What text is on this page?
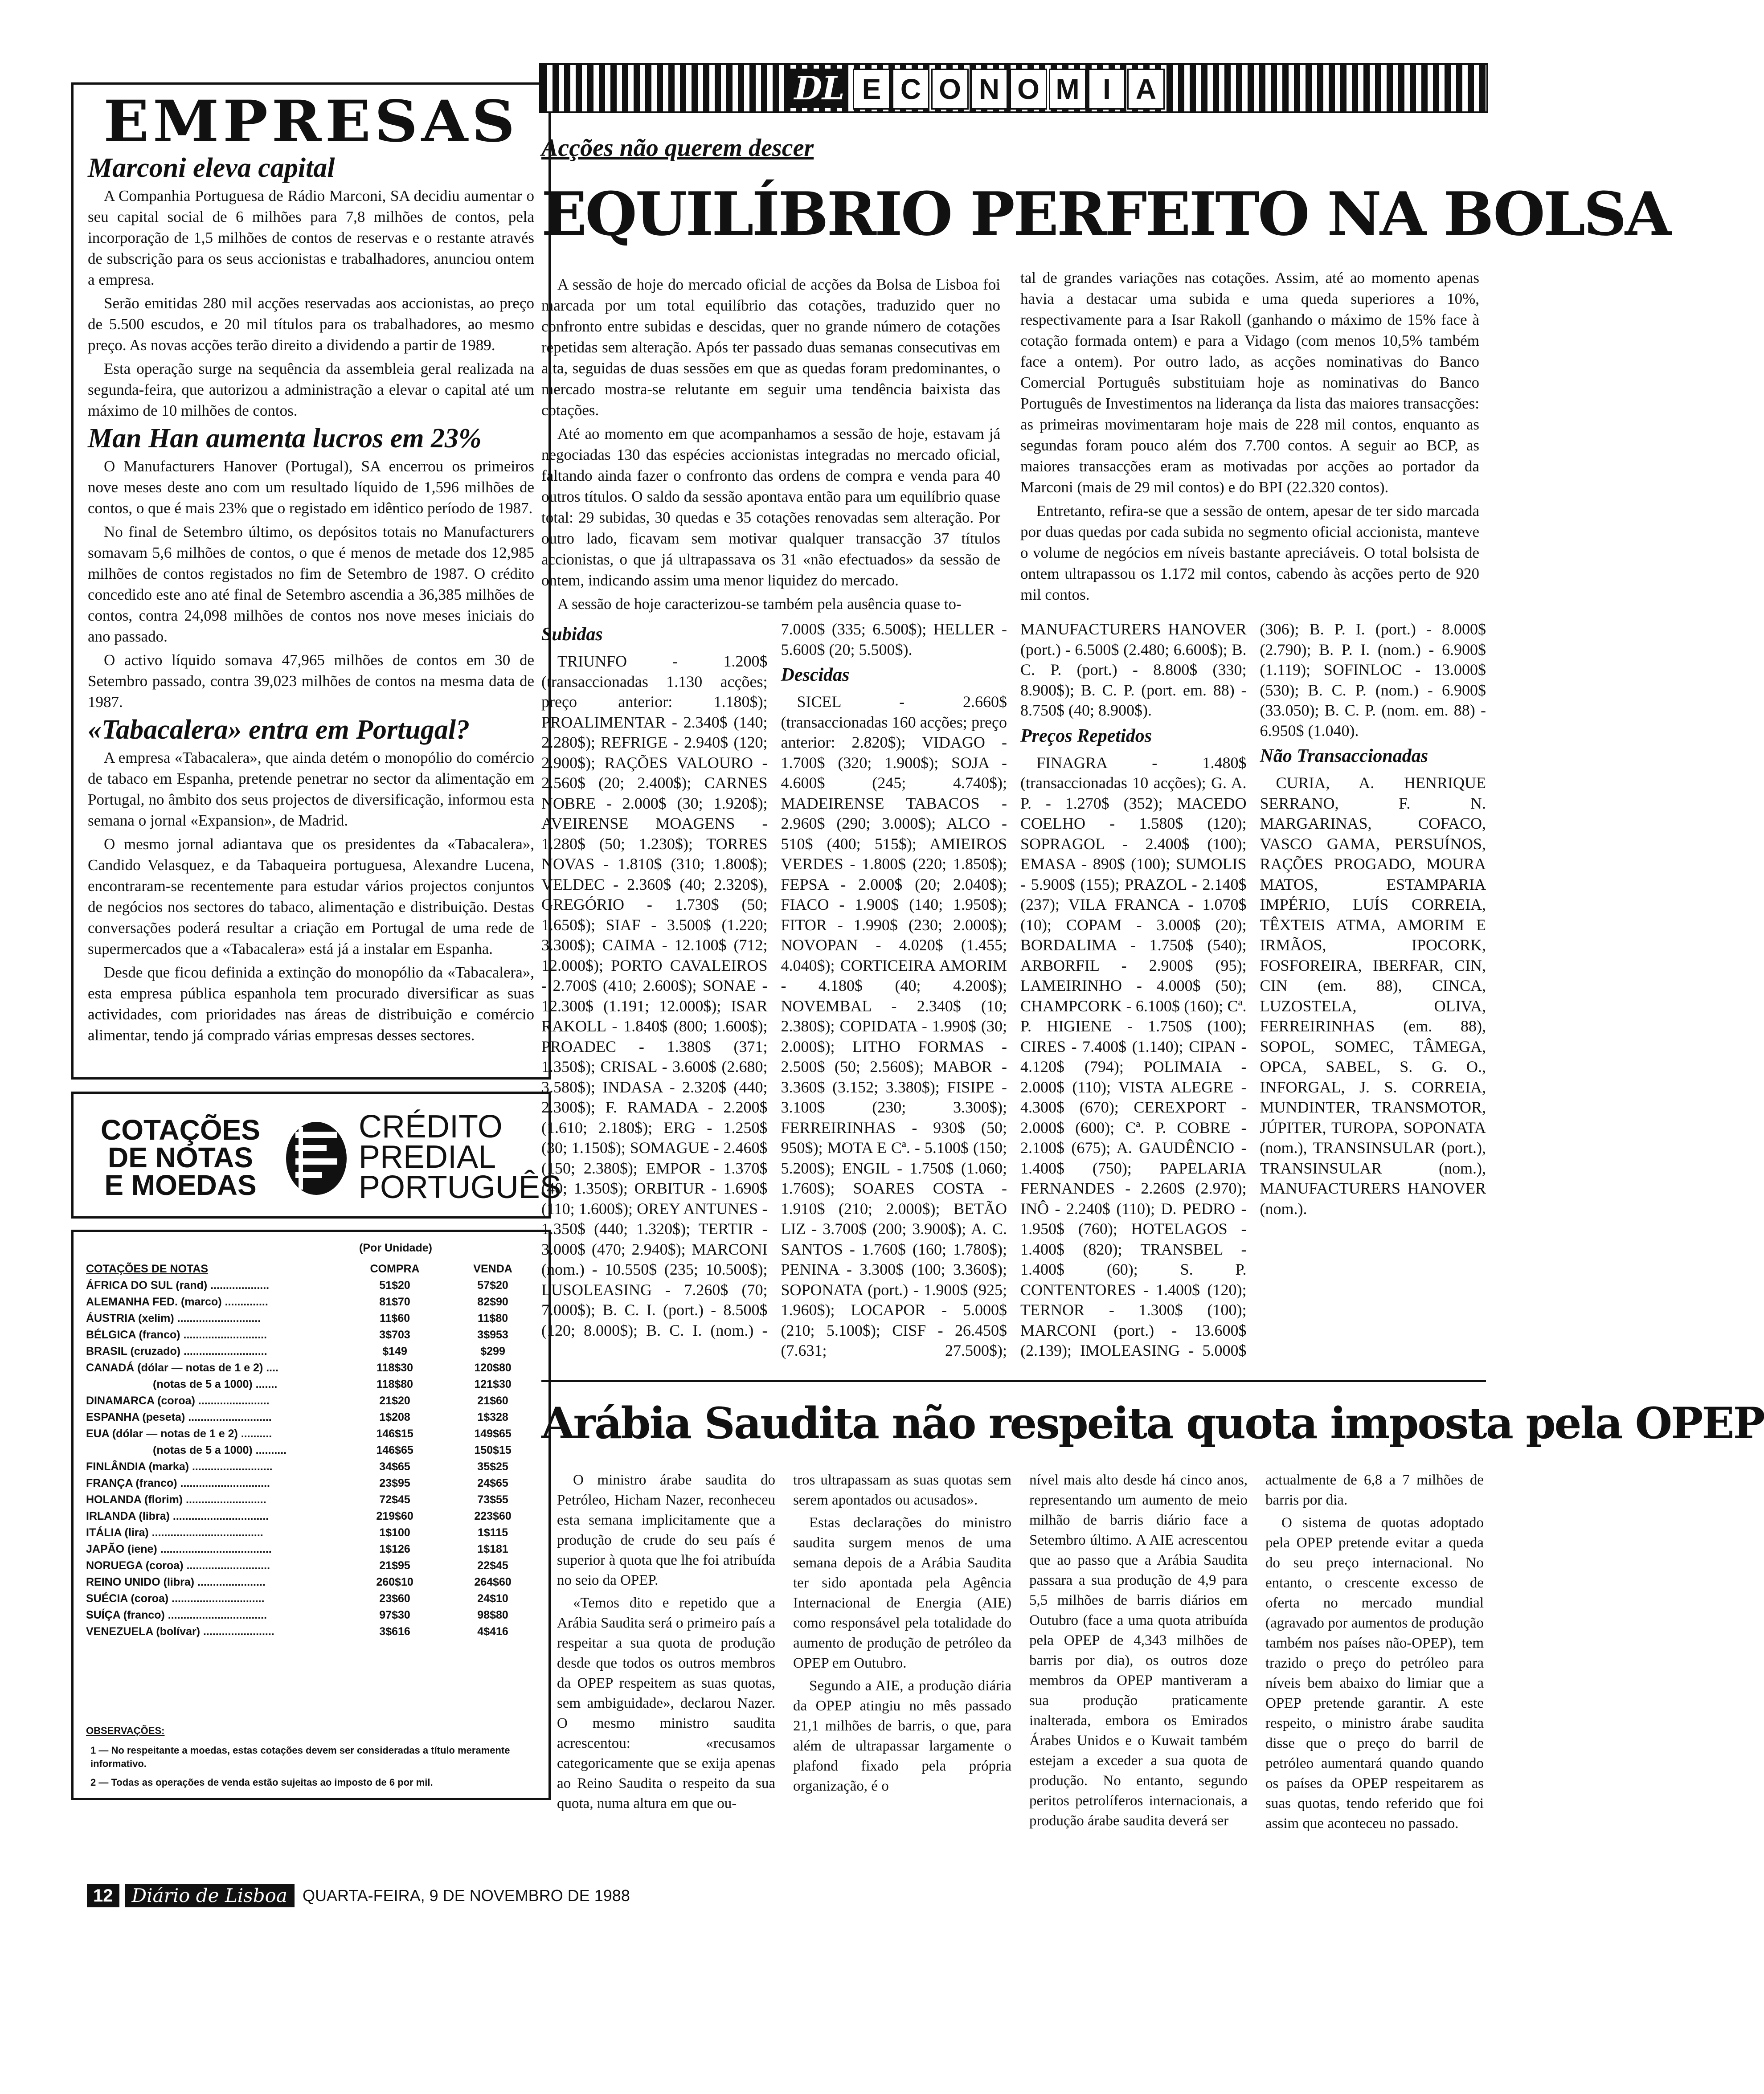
EMPRESAS
Marconi eleva capital

A Companhia Portuguesa de Rádio Marconi, SA decidiu aumentar o seu capital social de 6 milhões para 7,8 milhões de contos, pela incorporação de 1,5 milhões de contos de reservas e o restante através de subscrição para os seus accionistas e trabalhadores, anunciou ontem a empresa.

Serão emitidas 280 mil acções reservadas aos accionistas, ao preço de 5.500 escudos, e 20 mil títulos para os trabalhadores, ao mesmo preço. As novas acções terão direito a dividendo a partir de 1989.

Esta operação surge na sequência da assembleia geral realizada na segunda-feira, que autorizou a administração a elevar o capital até um máximo de 10 milhões de contos.

Man Han aumenta lucros em 23%

O Manufacturers Hanover (Portugal), SA encerrou os primeiros nove meses deste ano com um resultado líquido de 1,596 milhões de contos, o que é mais 23% que o registado em idêntico período de 1987.

No final de Setembro último, os depósitos totais no Manufacturers somavam 5,6 milhões de contos, o que é menos de metade dos 12,985 milhões de contos registados no fim de Setembro de 1987. O crédito concedido este ano até final de Setembro ascendia a 36,385 milhões de contos, contra 24,098 milhões de contos nos nove meses iniciais do ano passado.

O activo líquido somava 47,965 milhões de contos em 30 de Setembro passado, contra 39,023 milhões de contos na mesma data de 1987.

«Tabacalera» entra em Portugal?

A empresa «Tabacalera», que ainda detém o monopólio do comércio de tabaco em Espanha, pretende penetrar no sector da alimentação em Portugal, no âmbito dos seus projectos de diversificação, informou esta semana o jornal «Expansion», de Madrid.

O mesmo jornal adiantava que os presidentes da «Tabacalera», Candido Velasquez, e da Tabaqueira portuguesa, Alexandre Lucena, encontraram-se recentemente para estudar vários projectos conjuntos de negócios nos sectores do tabaco, alimentação e distribuição. Destas conversações poderá resultar a criação em Portugal de uma rede de supermercados que a «Tabacalera» está já a instalar em Espanha.

Desde que ficou definida a extinção do monopólio da «Tabacalera», esta empresa pública espanhola tem procurado diversificar as suas actividades, com prioridades nas áreas de distribuição e comércio alimentar, tendo já comprado várias empresas desses sectores.

COTAÇÕES
DE NOTAS
E MOEDAS
CRÉDITO
PREDIAL
PORTUGUÊS
(Por Unidade)
COTAÇÕES DE NOTAS	COMPRA	VENDA
ÁFRICA DO SUL (rand) ...................	51$20	57$20
ALEMANHA FED. (marco) ..............	81$70	82$90
ÁUSTRIA (xelim) ...........................	11$60	11$80
BÉLGICA (franco) ...........................	3$703	3$953
BRASIL (cruzado) ...........................	$149	$299
CANADÁ (dólar — notas de 1 e 2) ....	118$30	120$80
(notas de 5 a 1000) .......	118$80	121$30
DINAMARCA (coroa) .......................	21$20	21$60
ESPANHA (peseta) ...........................	1$208	1$328
EUA (dólar — notas de 1 e 2) ..........	146$15	149$65
(notas de 5 a 1000) ..........	146$65	150$15
FINLÂNDIA (marka) ..........................	34$65	35$25
FRANÇA (franco) .............................	23$95	24$65
HOLANDA (florim) ..........................	72$45	73$55
IRLANDA (libra) ...............................	219$60	223$60
ITÁLIA (lira) ....................................	1$100	1$115
JAPÃO (iene) ....................................	1$126	1$181
NORUEGA (coroa) ...........................	21$95	22$45
REINO UNIDO (libra) ......................	260$10	264$60
SUÉCIA (coroa) ..............................	23$60	24$10
SUÍÇA (franco) ................................	97$30	98$80
VENEZUELA (bolívar) .......................	3$616	4$416
OBSERVAÇÕES:
1 — No respeitante a moedas, estas cotações devem ser consideradas a título meramente informativo.
2 — Todas as operações de venda estão sujeitas ao imposto de 6 por mil.
DL E C O N O M I A
Acções não querem descer
EQUILÍBRIO PERFEITO NA BOLSA

A sessão de hoje do mercado oficial de acções da Bolsa de Lisboa foi marcada por um total equilíbrio das cotações, traduzido quer no confronto entre subidas e descidas, quer no grande número de cotações repetidas sem alteração. Após ter passado duas semanas consecutivas em alta, seguidas de duas sessões em que as quedas foram predominantes, o mercado mostra-se relutante em seguir uma tendência baixista das cotações.

Até ao momento em que acompanhamos a sessão de hoje, estavam já negociadas 130 das espécies accionistas integradas no mercado oficial, faltando ainda fazer o confronto das ordens de compra e venda para 40 outros títulos. O saldo da sessão apontava então para um equilíbrio quase total: 29 subidas, 30 quedas e 35 cotações renovadas sem alteração. Por outro lado, ficavam sem motivar qualquer transacção 37 títulos accionistas, o que já ultrapassava os 31 «não efectuados» da sessão de ontem, indicando assim uma menor liquidez do mercado.

A sessão de hoje caracterizou-se também pela ausência quase to-

tal de grandes variações nas cotações. Assim, até ao momento apenas havia a destacar uma subida e uma queda superiores a 10%, respectivamente para a Isar Rakoll (ganhando o máximo de 15% face à cotação formada ontem) e para a Vidago (com menos 10,5% também face a ontem). Por outro lado, as acções nominativas do Banco Comercial Português substituiam hoje as nominativas do Banco Português de Investimentos na liderança da lista das maiores transacções: as primeiras movimentaram hoje mais de 228 mil contos, enquanto as segundas foram pouco além dos 7.700 contos. A seguir ao BCP, as maiores transacções eram as motivadas por acções ao portador da Marconi (mais de 29 mil contos) e do BPI (22.320 contos).

Entretanto, refira-se que a sessão de ontem, apesar de ter sido marcada por duas quedas por cada subida no segmento oficial accionista, manteve o volume de negócios em níveis bastante apreciáveis. O total bolsista de ontem ultrapassou os 1.172 mil contos, cabendo às acções perto de 920 mil contos.

Subidas

TRIUNFO - 1.200$ (transaccionadas 1.130 acções; preço anterior: 1.180$); PROALIMENTAR - 2.340$ (140; 2.280$); REFRIGE - 2.940$ (120; 2.900$); RAÇÕES VALOURO - 2.560$ (20; 2.400$); CARNES NOBRE - 2.000$ (30; 1.920$); AVEIRENSE MOAGENS - 1.280$ (50; 1.230$); TORRES NOVAS - 1.810$ (310; 1.800$); VELDEC - 2.360$ (40; 2.320$), GREGÓRIO - 1.730$ (50; 1.650$); SIAF - 3.500$ (1.220; 3.300$); CAIMA - 12.100$ (712; 12.000$); PORTO CAVALEIROS - 2.700$ (410; 2.600$); SONAE - 12.300$ (1.191; 12.000$); ISAR RAKOLL - 1.840$ (800; 1.600$); PROADEC - 1.380$ (371; 1.350$); CRISAL - 3.600$ (2.680; 3.580$); INDASA - 2.320$ (440; 2.300$); F. RAMADA - 2.200$ (1.610; 2.180$); ERG - 1.250$ (30; 1.150$); SOMAGUE - 2.460$ (150; 2.380$); EMPOR - 1.370$ (40; 1.350$); ORBITUR - 1.690$ (110; 1.600$); OREY ANTUNES - 1.350$ (440; 1.320$); TERTIR - 3.000$ (470; 2.940$); MARCONI (nom.) - 10.550$ (235; 10.500$); LUSOLEASING - 7.260$ (70; 7.000$); B. C. I. (port.) - 8.500$ (120; 8.000$); B. C. I. (nom.) - 7.000$ (335; 6.500$); HELLER - 5.600$ (20; 5.500$).

Descidas

SICEL - 2.660$ (transaccionadas 160 acções; preço anterior: 2.820$); VIDAGO - 1.700$ (320; 1.900$); SOJA - 4.600$ (245; 4.740$); MADEIRENSE TABACOS - 2.960$ (290; 3.000$); ALCO - 510$ (400; 515$); AMIEIROS VERDES - 1.800$ (220; 1.850$); FEPSA - 2.000$ (20; 2.040$); FIACO - 1.900$ (140; 1.950$); FITOR - 1.990$ (230; 2.000$); NOVOPAN - 4.020$ (1.455; 4.040$); CORTICEIRA AMORIM - 4.180$ (40; 4.200$); NOVEMBAL - 2.340$ (10; 2.380$); COPIDATA - 1.990$ (30; 2.000$); LITHO FORMAS - 2.500$ (50; 2.560$); MABOR - 3.360$ (3.152; 3.380$); FISIPE - 3.100$ (230; 3.300$); FERREIRINHAS - 930$ (50; 950$); MOTA E Cª. - 5.100$ (150; 5.200$); ENGIL - 1.750$ (1.060; 1.760$); SOARES COSTA - 1.910$ (210; 2.000$); BETÃO LIZ - 3.700$ (200; 3.900$); A. C. SANTOS - 1.760$ (160; 1.780$); PENINA - 3.300$ (100; 3.360$); SOPONATA (port.) - 1.900$ (925; 1.960$); LOCAPOR - 5.000$ (210; 5.100$); CISF - 26.450$ (7.631; 27.500$); MANUFACTURERS HANOVER (port.) - 6.500$ (2.480; 6.600$); B. C. P. (port.) - 8.800$ (330; 8.900$); B. C. P. (port. em. 88) - 8.750$ (40; 8.900$).

Preços Repetidos

FINAGRA - 1.480$ (transaccionadas 10 acções); G. A. P. - 1.270$ (352); MACEDO COELHO - 1.580$ (120); SOPRAGOL - 2.400$ (100); EMASA - 890$ (100); SUMOLIS - 5.900$ (155); PRAZOL - 2.140$ (237); VILA FRANCA - 1.070$ (10); COPAM - 3.000$ (20); BORDALIMA - 1.750$ (540); ARBORFIL - 2.900$ (95); LAMEIRINHO - 4.000$ (50); CHAMPCORK - 6.100$ (160); Cª. P. HIGIENE - 1.750$ (100); CIRES - 7.400$ (1.140); CIPAN - 4.120$ (794); POLIMAIA - 2.000$ (110); VISTA ALEGRE - 4.300$ (670); CEREXPORT - 2.000$ (600); Cª. P. COBRE - 2.100$ (675); A. GAUDÊNCIO - 1.400$ (750); PAPELARIA FERNANDES - 2.260$ (2.970); INÔ - 2.240$ (110); D. PEDRO - 1.950$ (760); HOTELAGOS - 1.400$ (820); TRANSBEL - 1.400$ (60); S. P. CONTENTORES - 1.400$ (120); TERNOR - 1.300$ (100); MARCONI (port.) - 13.600$ (2.139); IMOLEASING - 5.000$ (306); B. P. I. (port.) - 8.000$ (2.790); B. P. I. (nom.) - 6.900$ (1.119); SOFINLOC - 13.000$ (530); B. C. P. (nom.) - 6.900$ (33.050); B. C. P. (nom. em. 88) - 6.950$ (1.040).

Não Transaccionadas

CURIA, A. HENRIQUE SERRANO, F. N. MARGARINAS, COFACO, VASCO GAMA, PERSUÍNOS, RAÇÕES PROGADO, MOURA MATOS, ESTAMPARIA IMPÉRIO, LUÍS CORREIA, TÊXTEIS ATMA, AMORIM E IRMÃOS, IPOCORK, FOSFOREIRA, IBERFAR, CIN, CIN (em. 88), CINCA, LUZOSTELA, OLIVA, FERREIRINHAS (em. 88), SOPOL, SOMEC, TÂMEGA, OPCA, SABEL, S. G. O., INFORGAL, J. S. CORREIA, MUNDINTER, TRANSMOTOR, JÚPITER, TUROPA, SOPONATA (nom.), TRANSINSULAR (port.), TRANSINSULAR (nom.), MANUFACTURERS HANOVER (nom.).

Arábia Saudita não respeita quota imposta pela OPEP

O ministro árabe saudita do Petróleo, Hicham Nazer, reconheceu esta semana implicitamente que a produção de crude do seu país é superior à quota que lhe foi atribuída no seio da OPEP.

«Temos dito e repetido que a Arábia Saudita será o primeiro país a respeitar a sua quota de produção desde que todos os outros membros da OPEP respeitem as suas quotas, sem ambiguidade», declarou Nazer. O mesmo ministro saudita acrescentou: «recusamos categoricamente que se exija apenas ao Reino Saudita o respeito da sua quota, numa altura em que ou-

tros ultrapassam as suas quotas sem serem apontados ou acusados».

Estas declarações do ministro saudita surgem menos de uma semana depois de a Arábia Saudita ter sido apontada pela Agência Internacional de Energia (AIE) como responsável pela totalidade do aumento de produção de petróleo da OPEP em Outubro.

Segundo a AIE, a produção diária da OPEP atingiu no mês passado 21,1 milhões de barris, o que, para além de ultrapassar largamente o plafond fixado pela própria organização, é o

nível mais alto desde há cinco anos, representando um aumento de meio milhão de barris diário face a Setembro último. A AIE acrescentou que ao passo que a Arábia Saudita passara a sua produção de 4,9 para 5,5 milhões de barris diários em Outubro (face a uma quota atribuída pela OPEP de 4,343 milhões de barris por dia), os outros doze membros da OPEP mantiveram a sua produção praticamente inalterada, embora os Emirados Árabes Unidos e o Kuwait também estejam a exceder a sua quota de produção. No entanto, segundo peritos petrolíferos internacionais, a produção árabe saudita deverá ser

actualmente de 6,8 a 7 milhões de barris por dia.

O sistema de quotas adoptado pela OPEP pretende evitar a queda do seu preço internacional. No entanto, o crescente excesso de oferta no mercado mundial (agravado por aumentos de produção também nos países não-OPEP), tem trazido o preço do petróleo para níveis bem abaixo do limiar que a OPEP pretende garantir. A este respeito, o ministro árabe saudita disse que o preço do barril de petróleo aumentará quando quando os países da OPEP respeitarem as suas quotas, tendo referido que foi assim que aconteceu no passado.

12	Diário de Lisboa QUARTA-FEIRA, 9 DE NOVEMBRO DE 1988
